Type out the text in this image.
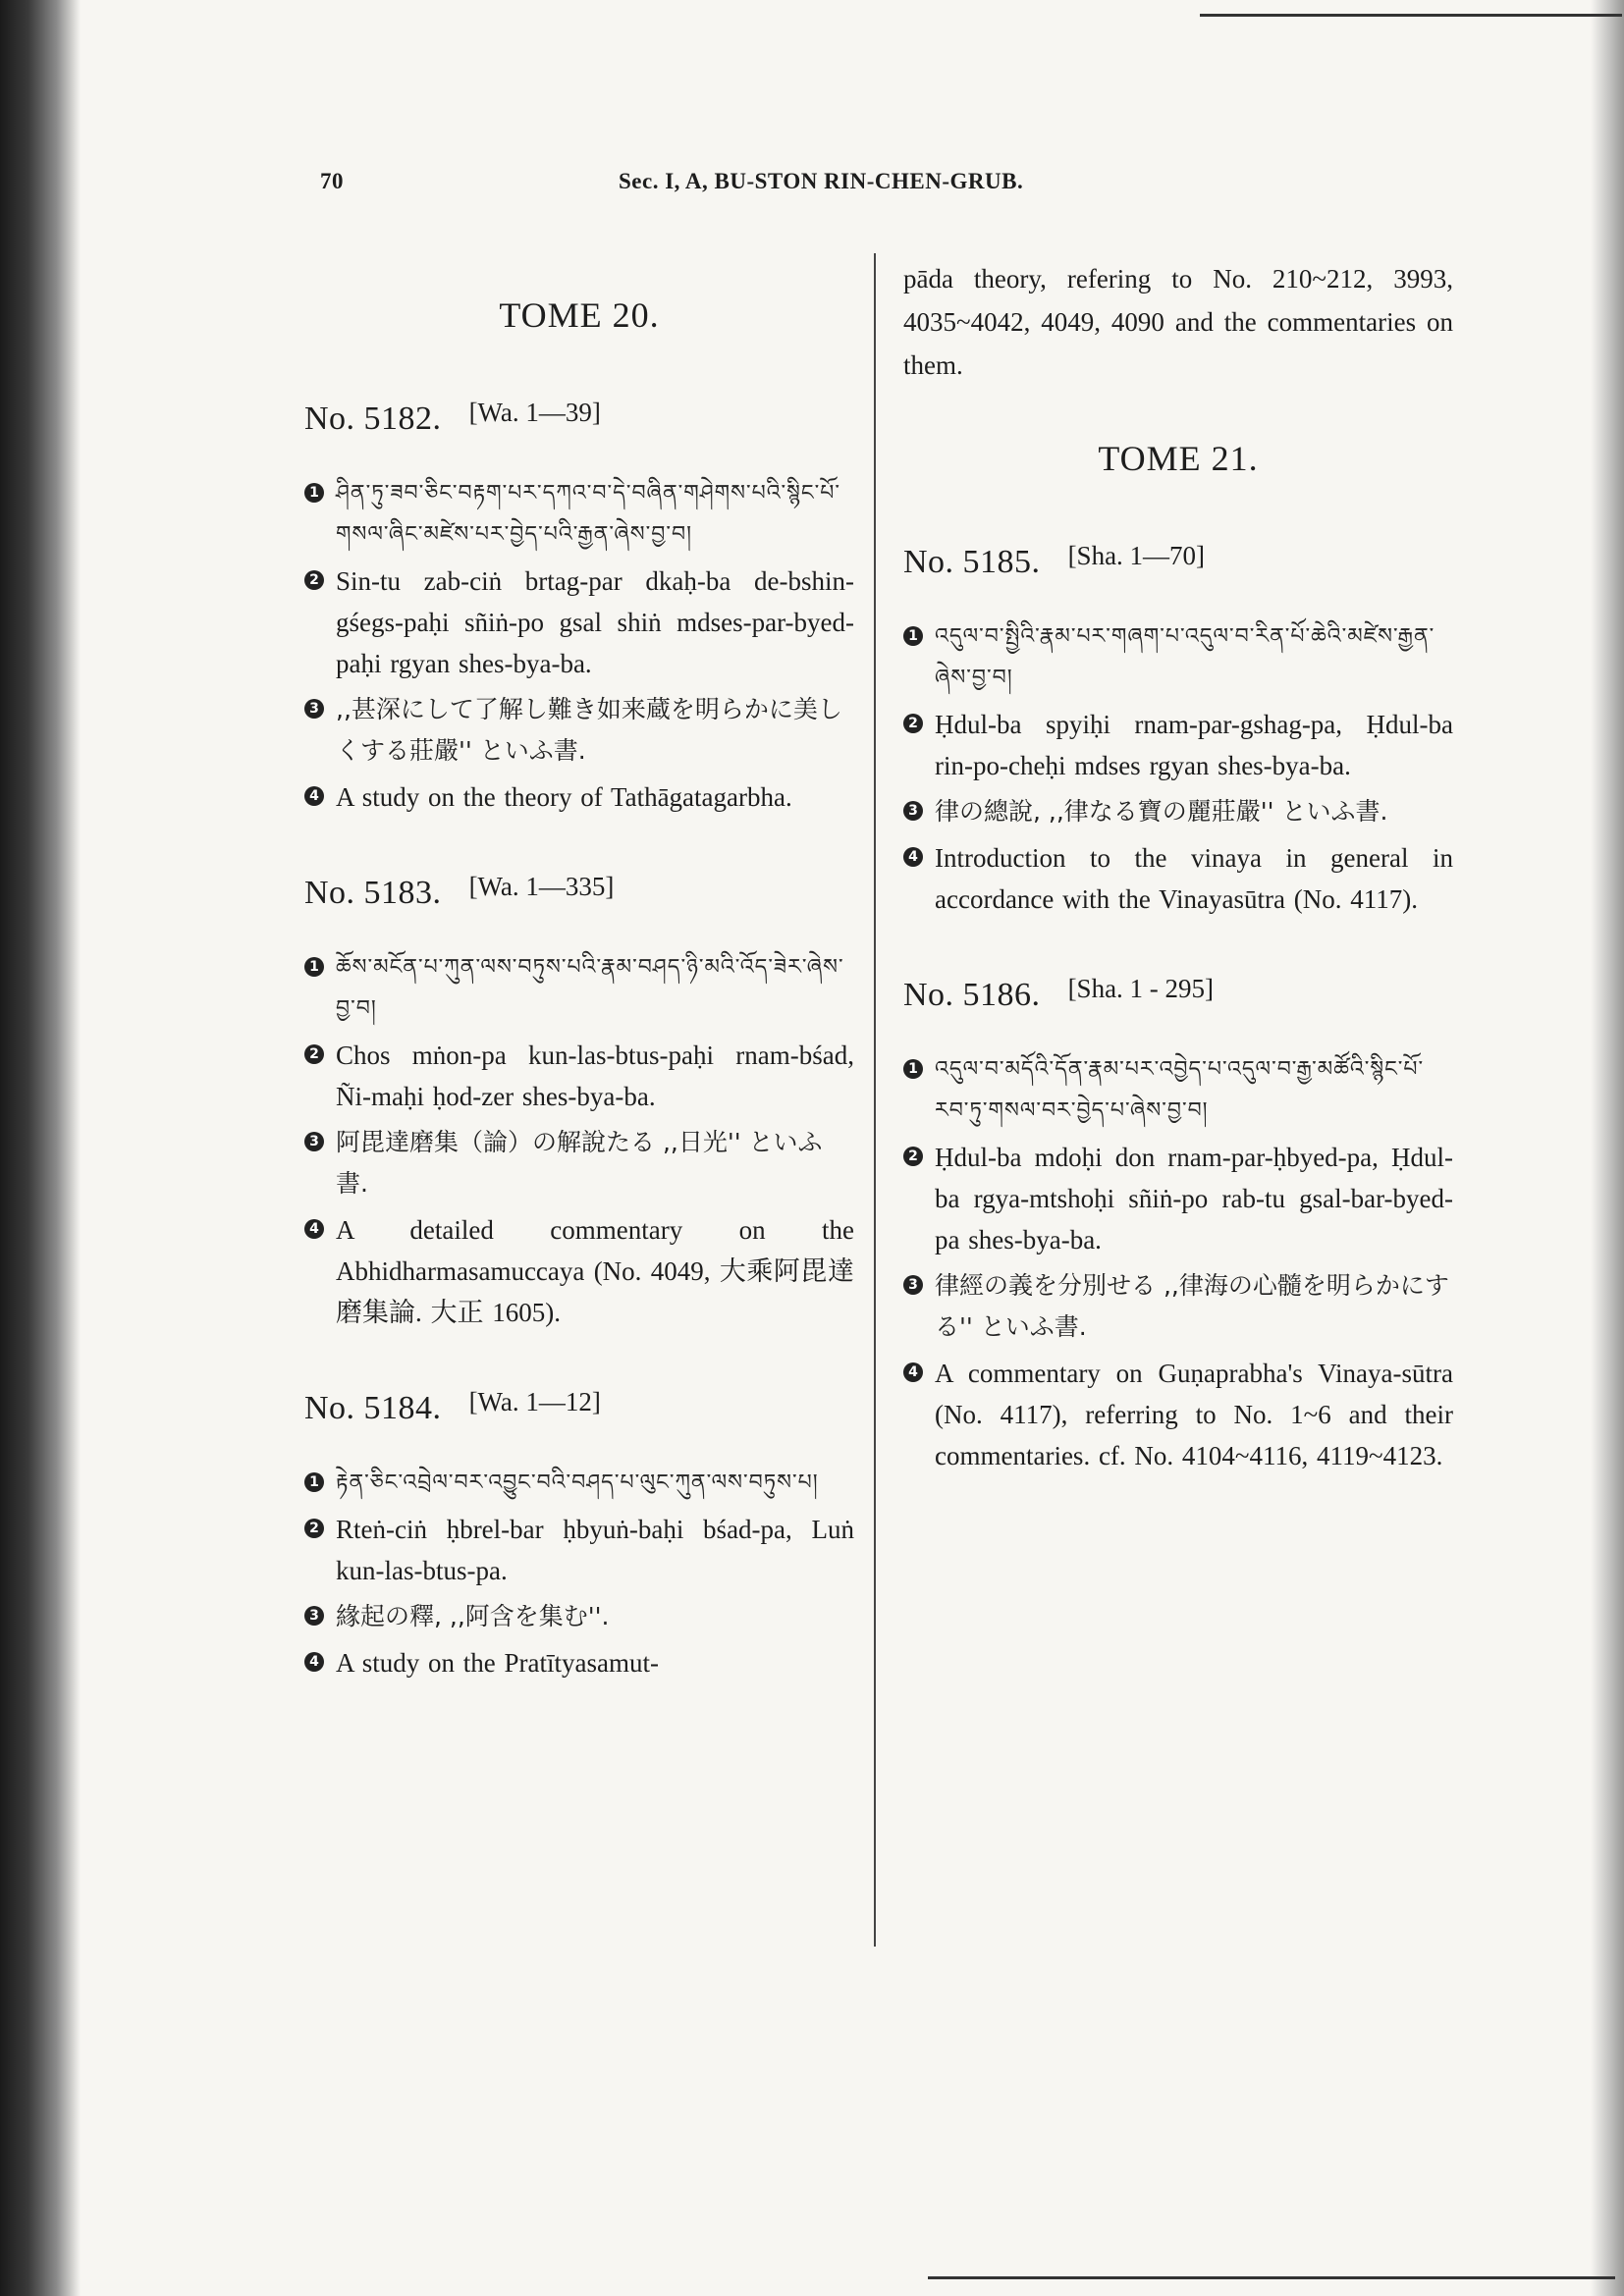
70	Sec. I, A, BU-STON RIN-CHEN-GRUB.
TOME 20.
No. 5182. [Wa. 1—39]
1 ཤིན་ཏུ་ཟབ་ཅིང་བརྟག་པར་དཀའ་བ་དེ་བཞིན་གཤེགས་པའི་སྙིང་པོ་གསལ་ཞིང་མཛེས་པར་བྱེད་པའི་རྒྱན་ཞེས་བྱ་བ།
2 Sin-tu zab-ciṅ brtag-par dkaḥ-ba de-bshin-gśegs-paḥi sñiṅ-po gsal shiṅ mdses-par-byed-paḥi rgyan shes-bya-ba.
3 ,,甚深にして了解し難き如来蔵を明らかに美しくする莊嚴'' といふ書.
4 A study on the theory of Tathāgatagarbha.
No. 5183. [Wa. 1—335]
1 ཆོས་མངོན་པ་ཀུན་ལས་བཏུས་པའི་རྣམ་བཤད་ཉི་མའི་འོད་ཟེར་ཞེས་བྱ་བ།
2 Chos mṅon-pa kun-las-btus-paḥi rnam-bśad, Ñi-maḥi ḥod-zer shes-bya-ba.
3 阿毘達磨集（論）の解說たる ,,日光'' といふ書.
4 A detailed commentary on the Abhidharmasamuccaya (No. 4049, 大乘阿毘達磨集論. 大正 1605).
No. 5184. [Wa. 1—12]
1 རྟེན་ཅིང་འབྲེལ་བར་འབྱུང་བའི་བཤད་པ་ལུང་ཀུན་ལས་བཏུས་པ།
2 Rteṅ-ciṅ ḥbrel-bar ḥbyuṅ-baḥi bśad-pa, Luṅ kun-las-btus-pa.
3 緣起の釋, ,,阿含を集む''.
4 A study on the Pratītyasamut-
pāda theory, refering to No. 210~212, 3993, 4035~4042, 4049, 4090 and the commentaries on them.
TOME 21.
No. 5185. [Sha. 1—70]
1 འདུལ་བ་སྤྱིའི་རྣམ་པར་གཞག་པ་འདུལ་བ་རིན་པོ་ཆེའི་མཛེས་རྒྱན་ཞེས་བྱ་བ།
2 Ḥdul-ba spyiḥi rnam-par-gshag-pa, Ḥdul-ba rin-po-cheḥi mdses rgyan shes-bya-ba.
3 律の總說, ,,律なる寶の麗莊嚴'' といふ書.
4 Introduction to the vinaya in general in accordance with the Vinayasūtra (No. 4117).
No. 5186. [Sha. 1 - 295]
1 འདུལ་བ་མདོའི་དོན་རྣམ་པར་འབྱེད་པ་འདུལ་བ་རྒྱ་མཚོའི་སྙིང་པོ་རབ་ཏུ་གསལ་བར་བྱེད་པ་ཞེས་བྱ་བ།
2 Ḥdul-ba mdoḥi don rnam-par-ḥbyed-pa, Ḥdul-ba rgya-mtshoḥi sñiṅ-po rab-tu gsal-bar-byed-pa shes-bya-ba.
3 律經の義を分別せる ,,律海の心髓を明らかにする'' といふ書.
4 A commentary on Guṇaprabha's Vinaya-sūtra (No. 4117), referring to No. 1~6 and their commentaries. cf. No. 4104~4116, 4119~4123.
